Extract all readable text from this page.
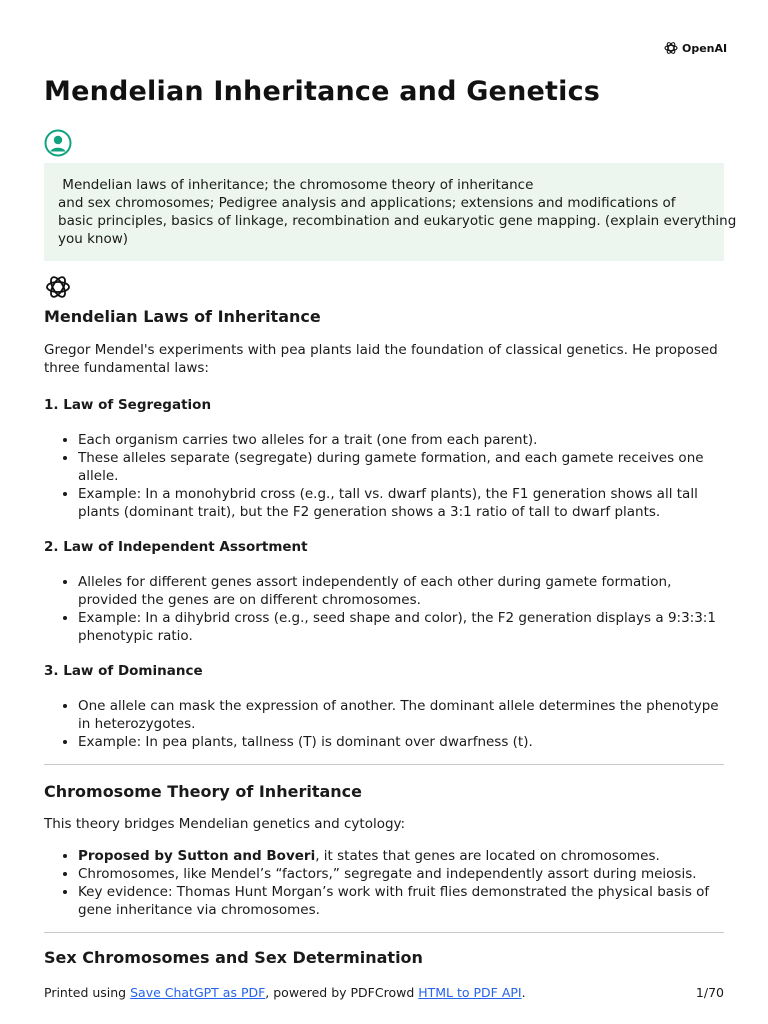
OpenAI
Mendelian Inheritance and Genetics
Mendelian laws of inheritance; the chromosome theory of inheritance
and sex chromosomes; Pedigree analysis and applications; extensions and modifications of
basic principles, basics of linkage, recombination and eukaryotic gene mapping. (explain everything
you know)
Mendelian Laws of Inheritance

Gregor Mendel's experiments with pea plants laid the foundation of classical genetics. He proposed three fundamental laws:

1. Law of Segregation

• Each organism carries two alleles for a trait (one from each parent).
• These alleles separate (segregate) during gamete formation, and each gamete receives one allele.
• Example: In a monohybrid cross (e.g., tall vs. dwarf plants), the F1 generation shows all tall plants (dominant trait), but the F2 generation shows a 3:1 ratio of tall to dwarf plants.

2. Law of Independent Assortment

• Alleles for different genes assort independently of each other during gamete formation, provided the genes are on different chromosomes.
• Example: In a dihybrid cross (e.g., seed shape and color), the F2 generation displays a 9:3:3:1 phenotypic ratio.

3. Law of Dominance

• One allele can mask the expression of another. The dominant allele determines the phenotype in heterozygotes.
• Example: In pea plants, tallness (T) is dominant over dwarfness (t).
Chromosome Theory of Inheritance

This theory bridges Mendelian genetics and cytology:

• Proposed by Sutton and Boveri, it states that genes are located on chromosomes.
• Chromosomes, like Mendel’s “factors,” segregate and independently assort during meiosis.
• Key evidence: Thomas Hunt Morgan’s work with fruit flies demonstrated the physical basis of gene inheritance via chromosomes.
Sex Chromosomes and Sex Determination
Printed using Save ChatGPT as PDF, powered by PDFCrowd HTML to PDF API.	1/70
